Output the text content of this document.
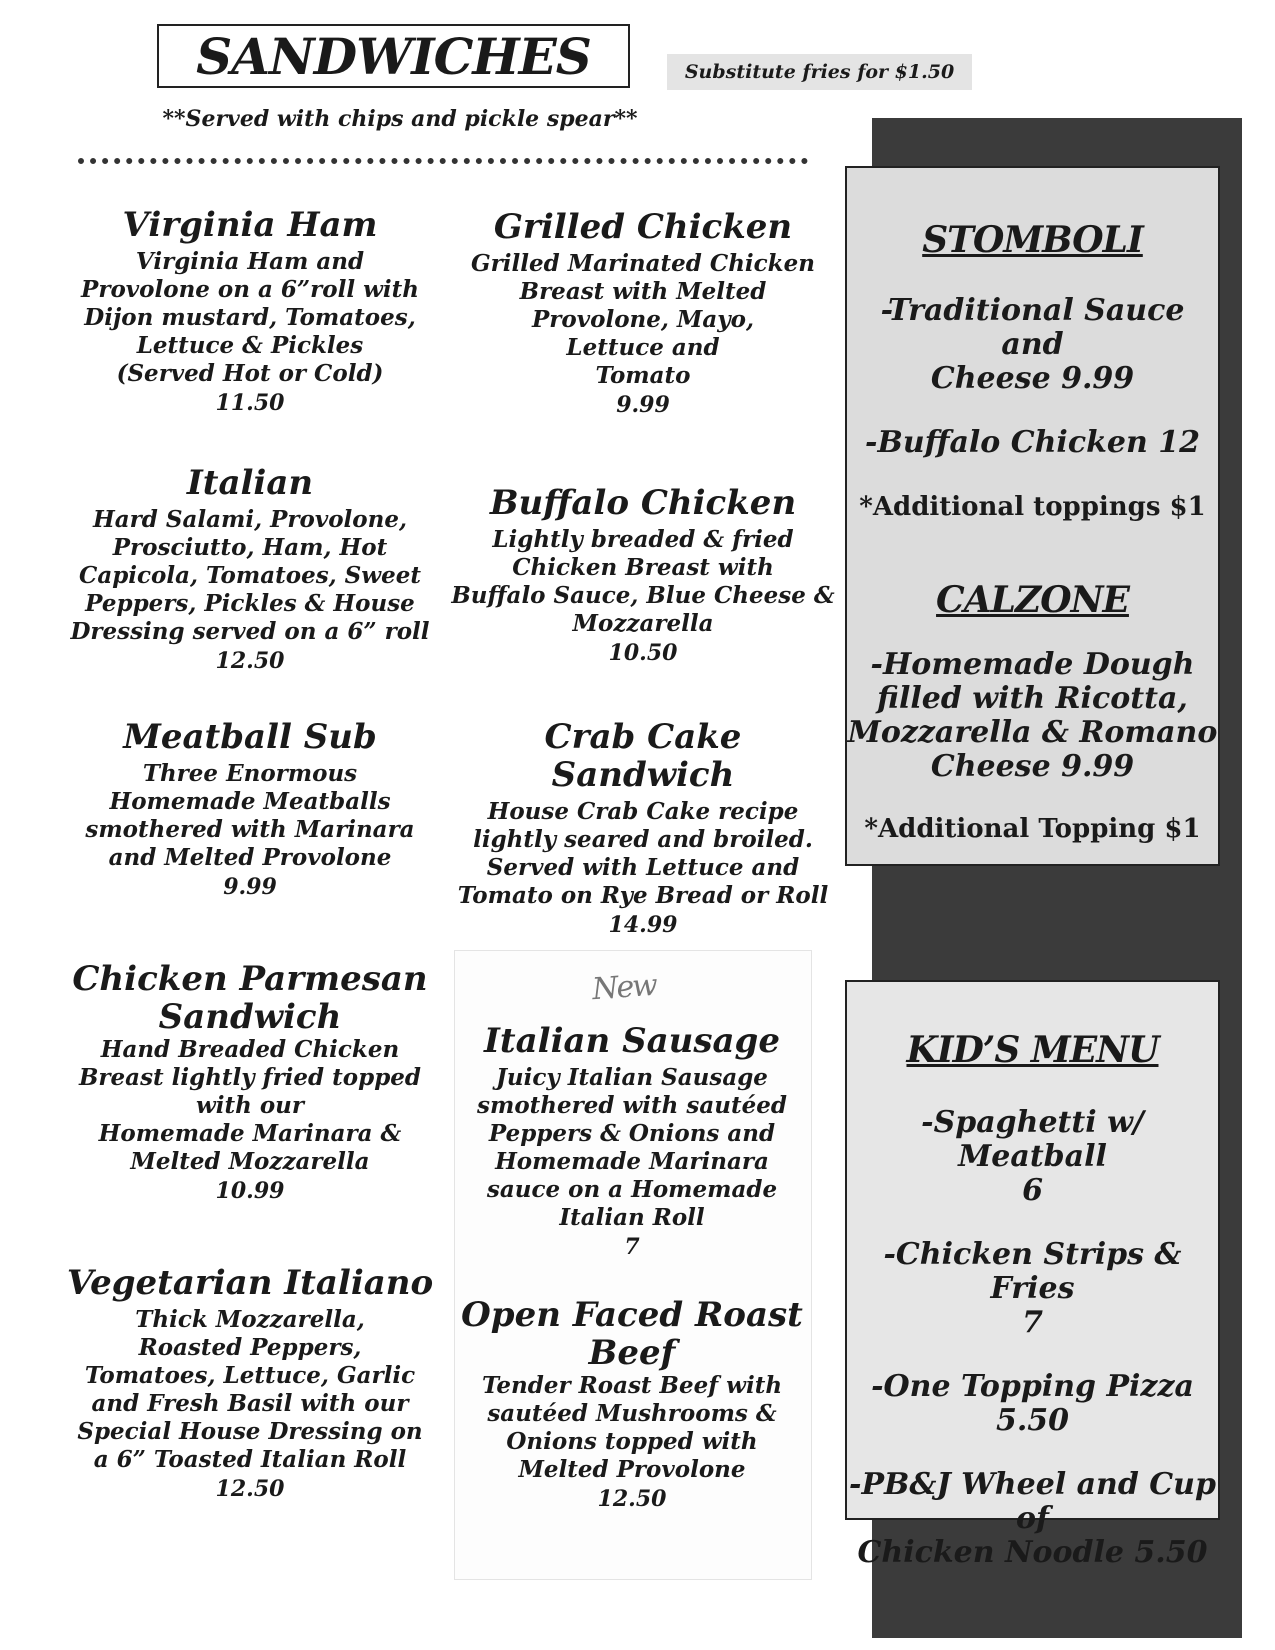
SANDWICHES	Substitute fries for $1.50
**Served with chips and pickle spear**
Virginia Ham
Virginia Ham and
Provolone on a 6”roll with
Dijon mustard, Tomatoes,
Lettuce & Pickles
(Served Hot or Cold)
11.50
Italian
Hard Salami, Provolone,
Prosciutto, Ham, Hot
Capicola, Tomatoes, Sweet
Peppers, Pickles & House
Dressing served on a 6” roll
12.50
Meatball Sub
Three Enormous
Homemade Meatballs
smothered with Marinara
and Melted Provolone
9.99
Chicken Parmesan
Sandwich
Hand Breaded Chicken
Breast lightly fried topped
with our
Homemade Marinara &
Melted Mozzarella
10.99
Vegetarian Italiano
Thick Mozzarella,
Roasted Peppers,
Tomatoes, Lettuce, Garlic
and Fresh Basil with our
Special House Dressing on
a 6” Toasted Italian Roll
12.50
Grilled Chicken
Grilled Marinated Chicken
Breast with Melted
Provolone, Mayo,
Lettuce and
Tomato
9.99
Buffalo Chicken
Lightly breaded & fried
Chicken Breast with
Buffalo Sauce, Blue Cheese &
Mozzarella
10.50
Crab Cake Sandwich
House Crab Cake recipe
lightly seared and broiled.
Served with Lettuce and
Tomato on Rye Bread or Roll
14.99
New
Italian Sausage
Juicy Italian Sausage
smothered with sautéed
Peppers & Onions and
Homemade Marinara
sauce on a Homemade
Italian Roll
7
Open Faced Roast
Beef
Tender Roast Beef with
sautéed Mushrooms &
Onions topped with
Melted Provolone
12.50
STOMBOLI
-Traditional Sauce and
Cheese 9.99
-Buffalo Chicken 12
*Additional toppings $1
CALZONE
-Homemade Dough
filled with Ricotta,
Mozzarella & Romano
Cheese 9.99
*Additional Topping $1
KID’S MENU
-Spaghetti w/ Meatball
6
-Chicken Strips & Fries
7
-One Topping Pizza
5.50
-PB&J Wheel and Cup of
Chicken Noodle 5.50
